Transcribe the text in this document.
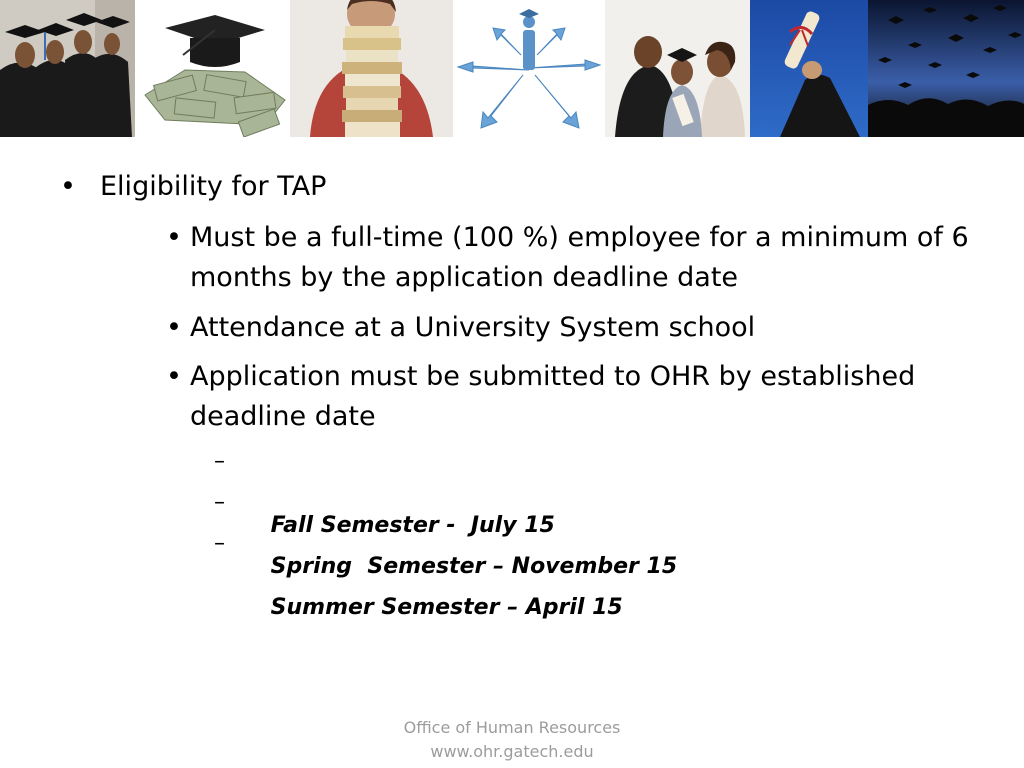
• Eligibility for TAP
• Must be a full-time (100 %) employee for a minimum of 6 months by the application deadline date
• Attendance at a University System school
• Application must be submitted to OHR by established deadline date

–

Fall Semester -  July 15

–

Spring  Semester – November 15

–

Summer Semester – April 15

Office of Human Resources
www.ohr.gatech.edu
